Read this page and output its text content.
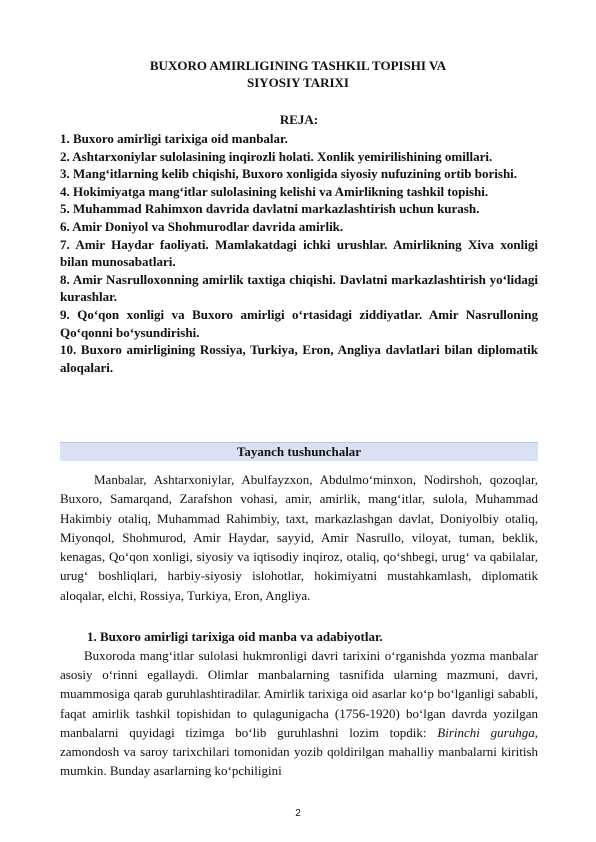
BUXORO AMIRLIGINING TASHKIL TOPISHI VA
SIYOSIY TARIXI
REJA:
1. Buxoro amirligi tarixiga oid manbalar.
2. Ashtarxoniylar sulolasining inqirozli holati. Xonlik yemirilishining omillari.
3. Mang‘itlarning kelib chiqishi, Buxoro xonligida siyosiy nufuzining ortib borishi.
4. Hokimiyatga mang‘itlar sulolasining kelishi va Amirlikning tashkil topishi.
5. Muhammad Rahimxon davrida davlatni markazlashtirish uchun kurash.
6. Amir Doniyol va Shohmurodlar davrida amirlik.
7. Amir Haydar faoliyati. Mamlakatdagi ichki urushlar. Amirlikning Xiva xonligi bilan munosabatlari.
8. Amir Nasrulloxonning amirlik taxtiga chiqishi. Davlatni markazlashtirish yo‘lidagi kurashlar.
9. Qo‘qon xonligi va Buxoro amirligi o‘rtasidagi ziddiyatlar. Amir Nasrulloning Qo‘qonni bo‘ysundirishi.
10. Buxoro amirligining Rossiya, Turkiya, Eron, Angliya davlatlari bilan diplomatik aloqalari.
Tayanch tushunchalar

Manbalar, Ashtarxoniylar, Abulfayzxon, Abdulmo‘minxon, Nodirshoh, qozoqlar, Buxoro, Samarqand, Zarafshon vohasi, amir, amirlik, mang‘itlar, sulola, Muhammad Hakimbiy otaliq, Muhammad Rahimbiy, taxt, markazlashgan davlat, Doniyolbiy otaliq, Miyonqol, Shohmurod, Amir Haydar, sayyid, Amir Nasrullo, viloyat, tuman, beklik, kenagas, Qo‘qon xonligi, siyosiy va iqtisodiy inqiroz, otaliq, qo‘shbegi, urug‘ va qabilalar, urug‘ boshliqlari, harbiy-siyosiy islohotlar, hokimiyatni mustahkamlash, diplomatik aloqalar, elchi, Rossiya, Turkiya, Eron, Angliya.

1. Buxoro amirligi tarixiga oid manba va adabiyotlar.

Buxoroda mang‘itlar sulolasi hukmronligi davri tarixini o‘rganishda yozma manbalar asosiy o‘rinni egallaydi. Olimlar manbalarning tasnifida ularning mazmuni, davri, muammosiga qarab guruhlashtiradilar. Amirlik tarixiga oid asarlar ko‘p bo‘lganligi sababli, faqat amirlik tashkil topishidan to qulagunigacha (1756-1920) bo‘lgan davrda yozilgan manbalarni quyidagi tizimga bo‘lib guruhlashni lozim topdik: Birinchi guruhga, zamondosh va saroy tarixchilari tomonidan yozib qoldirilgan mahalliy manbalarni kiritish mumkin. Bunday asarlarning ko‘pchiligini

2
